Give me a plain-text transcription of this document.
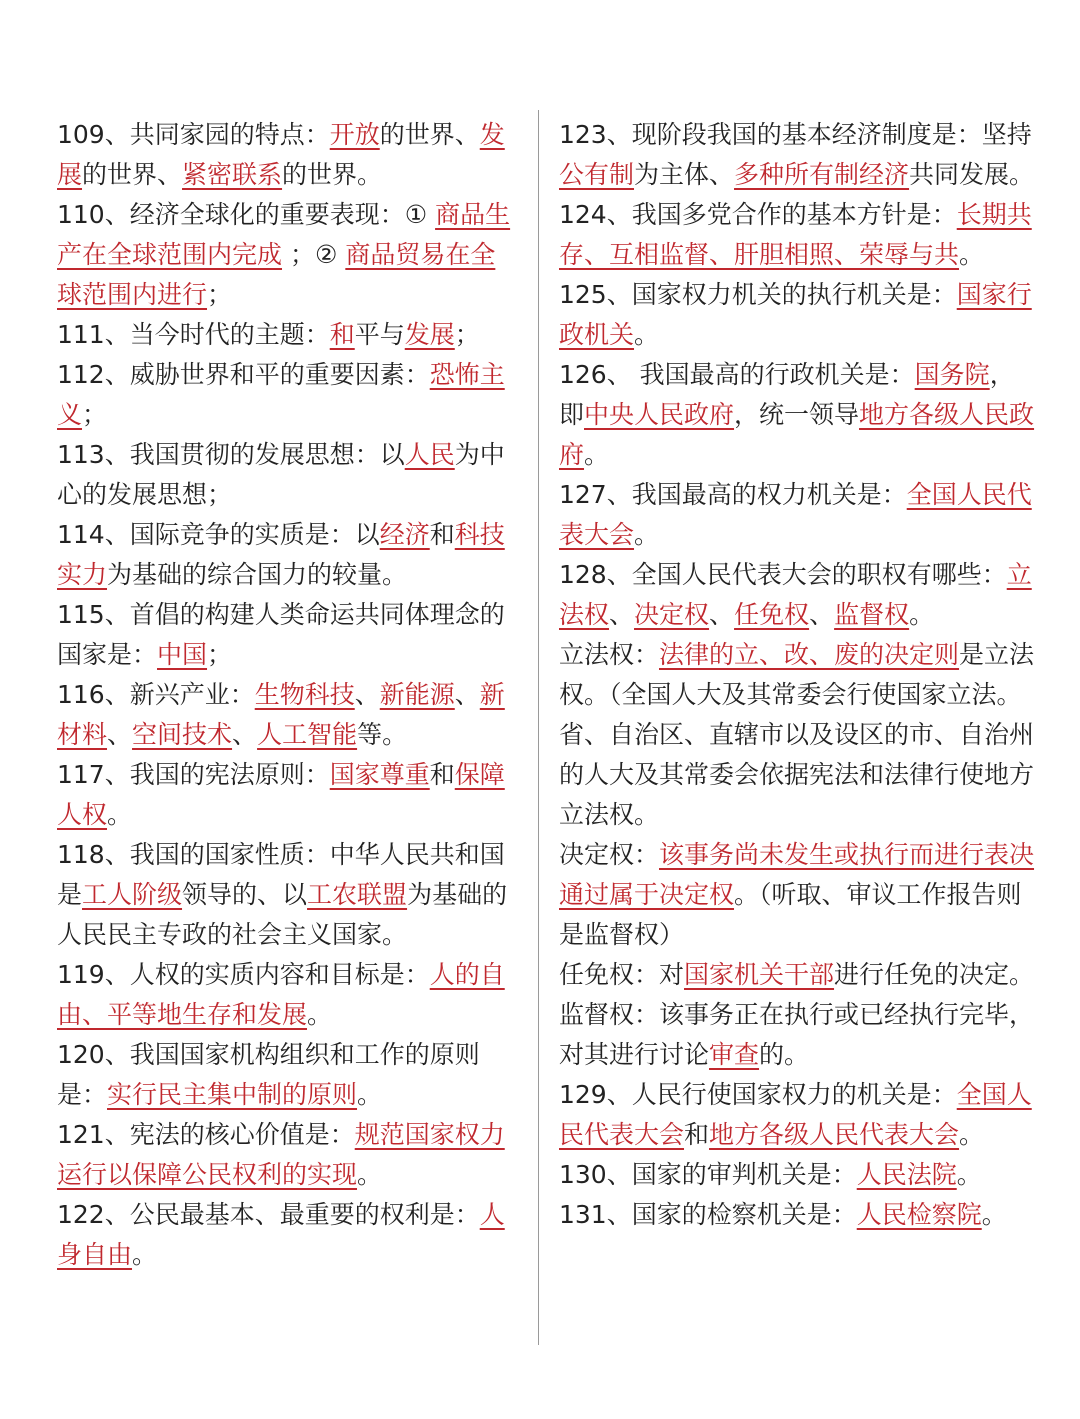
109、共同家园的特点：开放的世界、发展的世界、紧密联系的世界。

110、经济全球化的重要表现：① 商品生产在全球范围内完成 ；② 商品贸易在全球范围内进行；

111、当今时代的主题：和平与发展；

112、威胁世界和平的重要因素：恐怖主义；

113、我国贯彻的发展思想：以人民为中心的发展思想；

114、国际竞争的实质是：以经济和科技实力为基础的综合国力的较量。

115、首倡的构建人类命运共同体理念的国家是：中国；

116、新兴产业：生物科技、新能源、新材料、空间技术、人工智能等。

117、我国的宪法原则：国家尊重和保障人权。

118、我国的国家性质：中华人民共和国是工人阶级领导的、以工农联盟为基础的人民民主专政的社会主义国家。

119、人权的实质内容和目标是：人的自由、平等地生存和发展。

120、我国国家机构组织和工作的原则是：实行民主集中制的原则。

121、宪法的核心价值是：规范国家权力运行以保障公民权利的实现。

122、公民最基本、最重要的权利是：人身自由。

123、现阶段我国的基本经济制度是：坚持公有制为主体、多种所有制经济共同发展。

124、我国多党合作的基本方针是：长期共存、互相监督、肝胆相照、荣辱与共。

125、国家权力机关的执行机关是：国家行政机关。

126、 我国最高的行政机关是：国务院，即中央人民政府，统一领导地方各级人民政府。

127、我国最高的权力机关是：全国人民代表大会。

128、全国人民代表大会的职权有哪些：立法权、决定权、任免权、监督权。

立法权：法律的立、改、废的决定则是立法权。（全国人大及其常委会行使国家立法。省、自治区、直辖市以及设区的市、自治州的人大及其常委会依据宪法和法律行使地方立法权。

决定权：该事务尚未发生或执行而进行表决通过属于决定权。（听取、审议工作报告则是监督权）

任免权：对国家机关干部进行任免的决定。

监督权：该事务正在执行或已经执行完毕，对其进行讨论审查的。

129、人民行使国家权力的机关是：全国人民代表大会和地方各级人民代表大会。

130、国家的审判机关是：人民法院。

131、国家的检察机关是：人民检察院。
